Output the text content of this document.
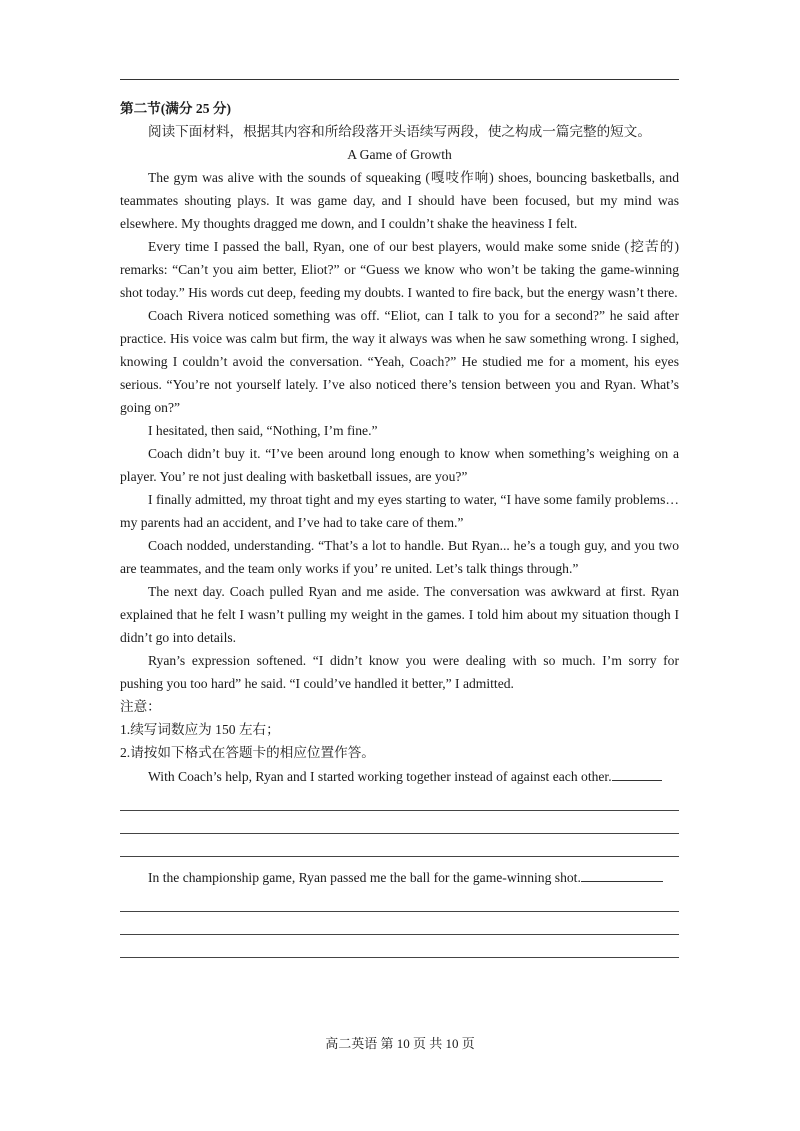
第二节(满分 25 分)

阅读下面材料，根据其内容和所给段落开头语续写两段，使之构成一篇完整的短文。

A Game of Growth

The gym was alive with the sounds of squeaking (嘎吱作响) shoes, bouncing basketballs, and teammates shouting plays. It was game day, and I should have been focused, but my mind was elsewhere. My thoughts dragged me down, and I couldn’t shake the heaviness I felt.

Every time I passed the ball, Ryan, one of our best players, would make some snide (挖苦的) remarks: “Can’t you aim better, Eliot?” or “Guess we know who won’t be taking the game-winning shot today.” His words cut deep, feeding my doubts. I wanted to fire back, but the energy wasn’t there.

Coach Rivera noticed something was off. “Eliot, can I talk to you for a second?” he said after practice. His voice was calm but firm, the way it always was when he saw something wrong. I sighed, knowing I couldn’t avoid the conversation. “Yeah, Coach?” He studied me for a moment, his eyes serious. “You’re not yourself lately. I’ve also noticed there’s tension between you and Ryan. What’s going on?”

I hesitated, then said, “Nothing, I’m fine.”

Coach didn’t buy it. “I’ve been around long enough to know when something’s weighing on a player. You’ re not just dealing with basketball issues, are you?”

I finally admitted, my throat tight and my eyes starting to water, “I have some family problems…my parents had an accident, and I’ve had to take care of them.”

Coach nodded, understanding. “That’s a lot to handle. But Ryan... he’s a tough guy, and you two are teammates, and the team only works if you’ re united. Let’s talk things through.”

The next day. Coach pulled Ryan and me aside. The conversation was awkward at first. Ryan explained that he felt I wasn’t pulling my weight in the games. I told him about my situation though I didn’t go into details.

Ryan’s expression softened. “I didn’t know you were dealing with so much. I’m sorry for pushing you too hard” he said. “I could’ve handled it better,” I admitted.

注意：

1.续写词数应为 150 左右；

2.请按如下格式在答题卡的相应位置作答。

With Coach’s help, Ryan and I started working together instead of against each other.

In the championship game, Ryan passed me the ball for the game-winning shot.

高二英语 第 10 页 共 10 页
